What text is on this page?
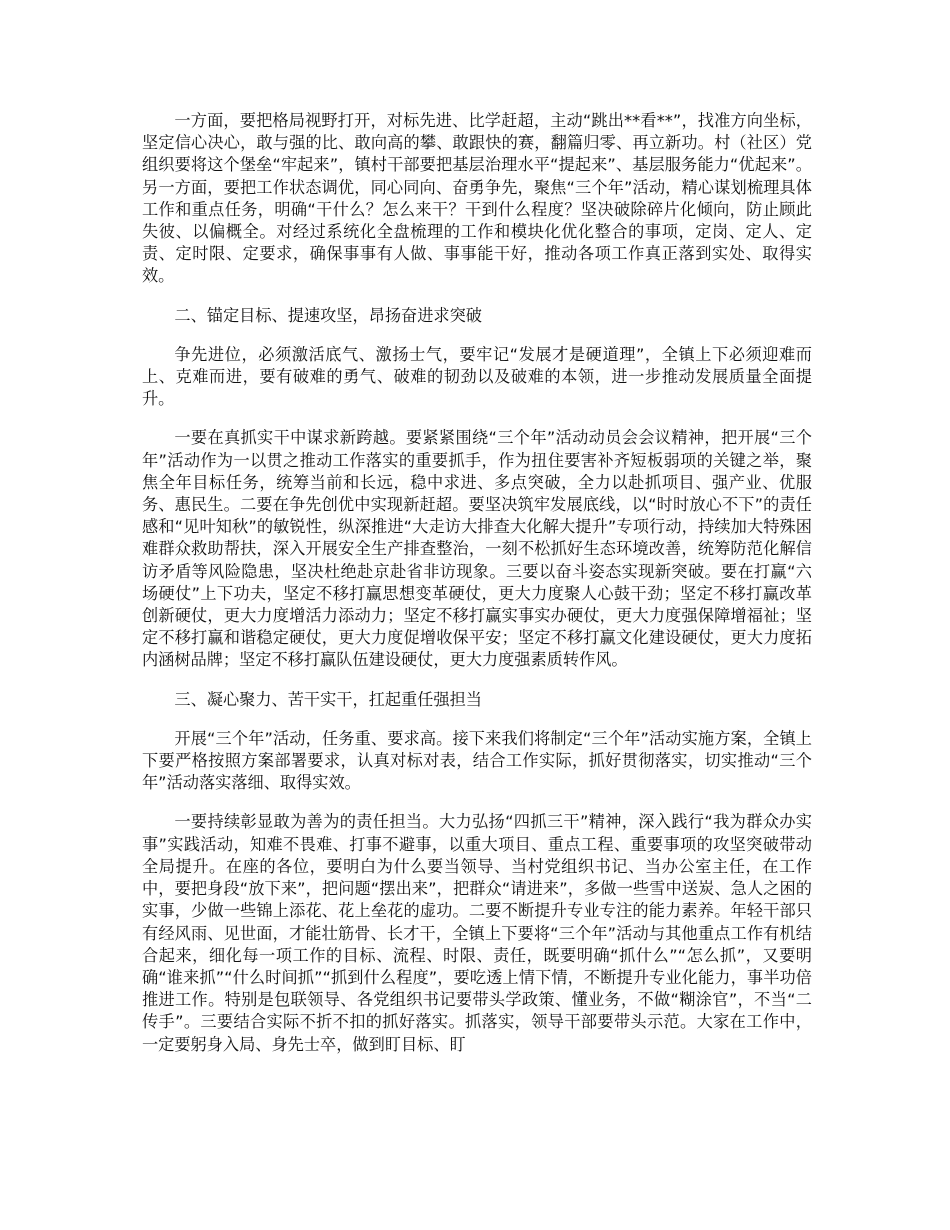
一方面，要把格局视野打开，对标先进、比学赶超，主动“跳出**看**”，找准方向坐标，坚定信心决心，敢与强的比、敢向高的攀、敢跟快的赛，翻篇归零、再立新功。村（社区）党组织要将这个堡垒“牢起来”，镇村干部要把基层治理水平“提起来”、基层服务能力“优起来”。另一方面，要把工作状态调优，同心同向、奋勇争先，聚焦“三个年”活动，精心谋划梳理具体工作和重点任务，明确“干什么？怎么来干？干到什么程度？坚决破除碎片化倾向，防止顾此失彼、以偏概全。对经过系统化全盘梳理的工作和模块化优化整合的事项，定岗、定人、定责、定时限、定要求，确保事事有人做、事事能干好，推动各项工作真正落到实处、取得实效。

二、锚定目标、提速攻坚，昂扬奋进求突破

争先进位，必须激活底气、激扬士气，要牢记“发展才是硬道理”，全镇上下必须迎难而上、克难而进，要有破难的勇气、破难的韧劲以及破难的本领，进一步推动发展质量全面提升。

一要在真抓实干中谋求新跨越。要紧紧围绕“三个年”活动动员会会议精神，把开展“三个年”活动作为一以贯之推动工作落实的重要抓手，作为扭住要害补齐短板弱项的关键之举，聚焦全年目标任务，统筹当前和长远，稳中求进、多点突破，全力以赴抓项目、强产业、优服务、惠民生。二要在争先创优中实现新赶超。要坚决筑牢发展底线，以“时时放心不下”的责任感和“见叶知秋”的敏锐性，纵深推进“大走访大排查大化解大提升”专项行动，持续加大特殊困难群众救助帮扶，深入开展安全生产排查整治，一刻不松抓好生态环境改善，统筹防范化解信访矛盾等风险隐患，坚决杜绝赴京赴省非访现象。三要以奋斗姿态实现新突破。要在打赢“六场硬仗”上下功夫，坚定不移打赢思想变革硬仗，更大力度聚人心鼓干劲；坚定不移打赢改革创新硬仗，更大力度增活力添动力；坚定不移打赢实事实办硬仗，更大力度强保障增福祉；坚定不移打赢和谐稳定硬仗，更大力度促增收保平安；坚定不移打赢文化建设硬仗，更大力度拓内涵树品牌；坚定不移打赢队伍建设硬仗，更大力度强素质转作风。

三、凝心聚力、苦干实干，扛起重任强担当

开展“三个年”活动，任务重、要求高。接下来我们将制定“三个年”活动实施方案，全镇上下要严格按照方案部署要求，认真对标对表，结合工作实际，抓好贯彻落实，切实推动“三个年”活动落实落细、取得实效。

一要持续彰显敢为善为的责任担当。大力弘扬“四抓三干”精神，深入践行“我为群众办实事”实践活动，知难不畏难、打事不避事，以重大项目、重点工程、重要事项的攻坚突破带动全局提升。在座的各位，要明白为什么要当领导、当村党组织书记、当办公室主任，在工作中，要把身段“放下来”，把问题“摆出来”，把群众“请进来”，多做一些雪中送炭、急人之困的实事，少做一些锦上添花、花上垒花的虚功。二要不断提升专业专注的能力素养。年轻干部只有经风雨、见世面，才能壮筋骨、长才干，全镇上下要将“三个年”活动与其他重点工作有机结合起来，细化每一项工作的目标、流程、时限、责任，既要明确“抓什么”“怎么抓”，又要明确“谁来抓”“什么时间抓”“抓到什么程度”，要吃透上情下情，不断提升专业化能力，事半功倍推进工作。特别是包联领导、各党组织书记要带头学政策、懂业务，不做“糊涂官”，不当“二传手”。三要结合实际不折不扣的抓好落实。抓落实，领导干部要带头示范。大家在工作中，一定要躬身入局、身先士卒，做到盯目标、盯
